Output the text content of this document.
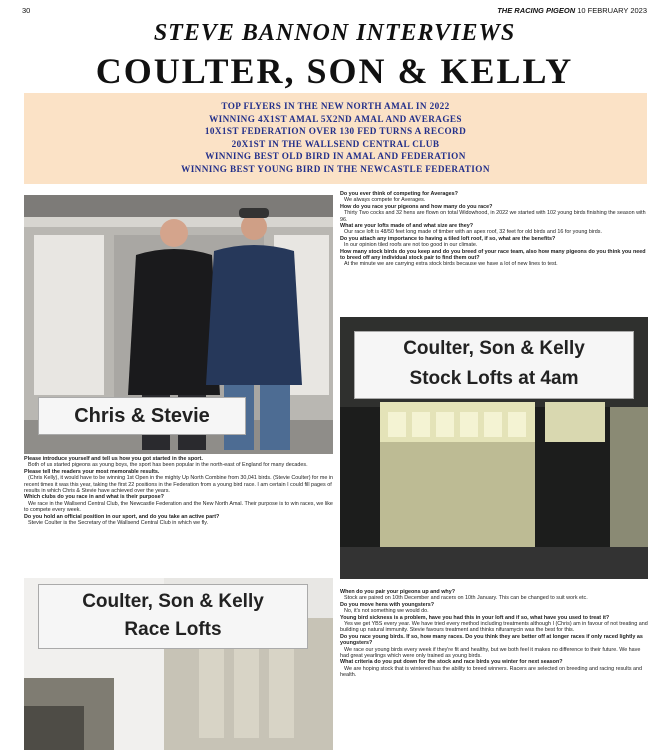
30	THE RACING PIGEON 10 FEBRUARY 2023
STEVE BANNON INTERVIEWS
COULTER, SON & KELLY
TOP FLYERS IN THE NEW NORTH AMAL IN 2022
WINNING 4X1ST AMAL 5X2ND AMAL AND AVERAGES
10X1ST FEDERATION OVER 130 FED TURNS A RECORD
20X1ST IN THE WALLSEND CENTRAL CLUB
WINNING BEST OLD BIRD IN AMAL AND FEDERATION
WINNING BEST YOUNG BIRD IN THE NEWCASTLE FEDERATION
Chris & Stevie
Coulter, Son & Kelly
Stock Lofts at 4am
Coulter, Son & Kelly
Race Lofts

Please introduce yourself and tell us how you got started in the sport.

Both of us started pigeons as young boys, the sport has been popular in the north-east of England for many decades.

Please tell the readers your most memorable results.

(Chris Kelly), it would have to be winning 1st Open in the mighty Up North Combine from 30,041 birds. (Stevie Coulter) for me in recent times it was this year, taking the first 22 positions in the Federation from a young bird race. I am certain I could fill pages of results in which Chris & Stevie have achieved over the years.

Which clubs do you race in and what is their purpose?

We race in the Wallsend Central Club, the Newcastle Federation and the New North Amal. Their purpose is to win races, we like to compete every week.

Do you hold an official position in our sport, and do you take an active part?

Stevie Coulter is the Secretary of the Wallsend Central Club in which we fly.

Do you ever think of competing for Averages?

We always compete for Averages.

How do you race your pigeons and how many do you race?

Thirty Two cocks and 32 hens are flown on total Widowhood, in 2022 we started with 102 young birds finishing the season with 96.

What are your lofts made of and what size are they?

Our race loft is 48/50 feet long made of timber with an apex roof, 32 feet for old birds and 16 for young birds.

Do you attach any importance to having a tiled loft roof, if so, what are the benefits?

In our opinion tiled roofs are not too good in our climate.

How many stock birds do you keep and do you breed of your race team, also how many pigeons do you think you need to breed off any individual stock pair to find them out?

At the minute we are carrying extra stock birds because we have a lot of new lines to test.

When do you pair your pigeons up and why?

Stock are paired on 10th December and racers on 10th January. This can be changed to suit work etc.

Do you move hens with youngsters?

No, it's not something we would do.

Young bird sickness is a problem, have you had this in your loft and if so, what have you used to treat it?

Yes we get YBS every year. We have tried every method including treatments although I (Chris) am in favour of not treating and building up natural immunity. Stevie favours treatment and thinks nifuramycin was the best for this.

Do you race young birds. If so, how many races. Do you think they are better off at longer races if only raced lightly as youngsters?

We race our young birds every week if they're fit and healthy, but we both feel it makes no difference to their future. We have had great yearlings which were only trained as young birds.

What criteria do you put down for the stock and race birds you winter for next season?

We are hoping stock that is wintered has the ability to breed winners. Racers are selected on breeding and racing results and health.
